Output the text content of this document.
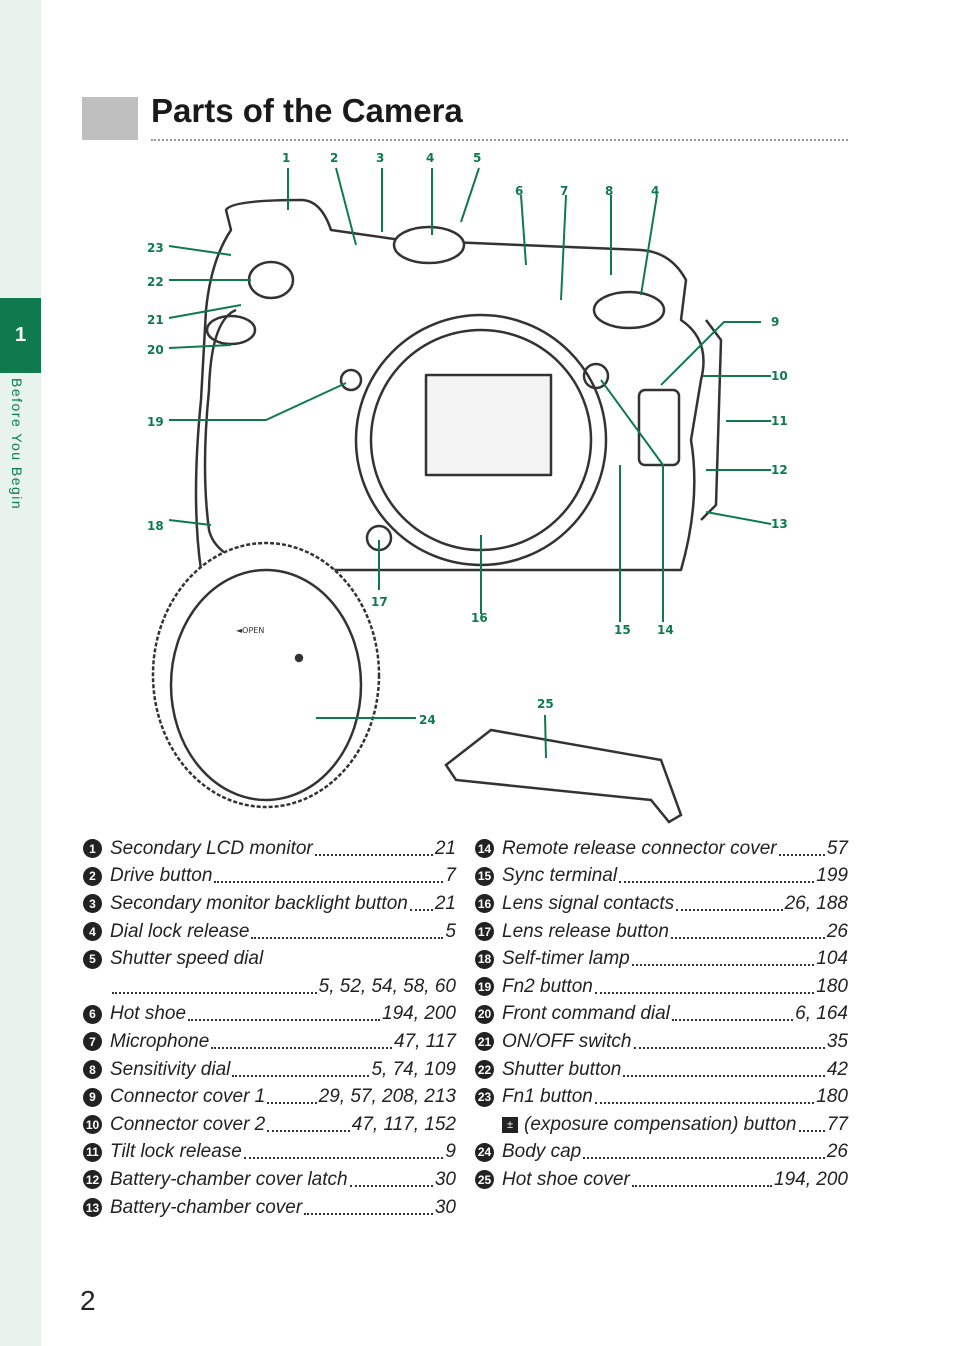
1
Before You Begin
Parts of the Camera
◄OPEN
1	2	3	4	5
6	7	8	4
9
10
11
12
13
14
15
16
17
18
19
20
21
22
23
24
25
1 Secondary LCD monitor	21
2 Drive button	7
3 Secondary monitor backlight button 21
4 Dial lock release	5
5 Shutter speed dial
5, 52, 54, 58, 60
6 Hot shoe	194, 200
7 Microphone	47, 117
8 Sensitivity dial	5, 74, 109
9 Connector cover 1	29, 57, 208, 213
10 Connector cover 2	47, 117, 152
11 Tilt lock release	9
12 Battery-chamber cover latch	30
13 Battery-chamber cover	30
14 Remote release connector cover	57
15 Sync terminal	199
16 Lens signal contacts	26, 188
17 Lens release button	26
18 Self-timer lamp	104
19 Fn2 button	180
20 Front command dial	6, 164
21 ON/OFF switch	35
22 Shutter button	42
23 Fn1 button	180
± (exposure compensation) button 77
24 Body cap	26
25 Hot shoe cover	194, 200
2
